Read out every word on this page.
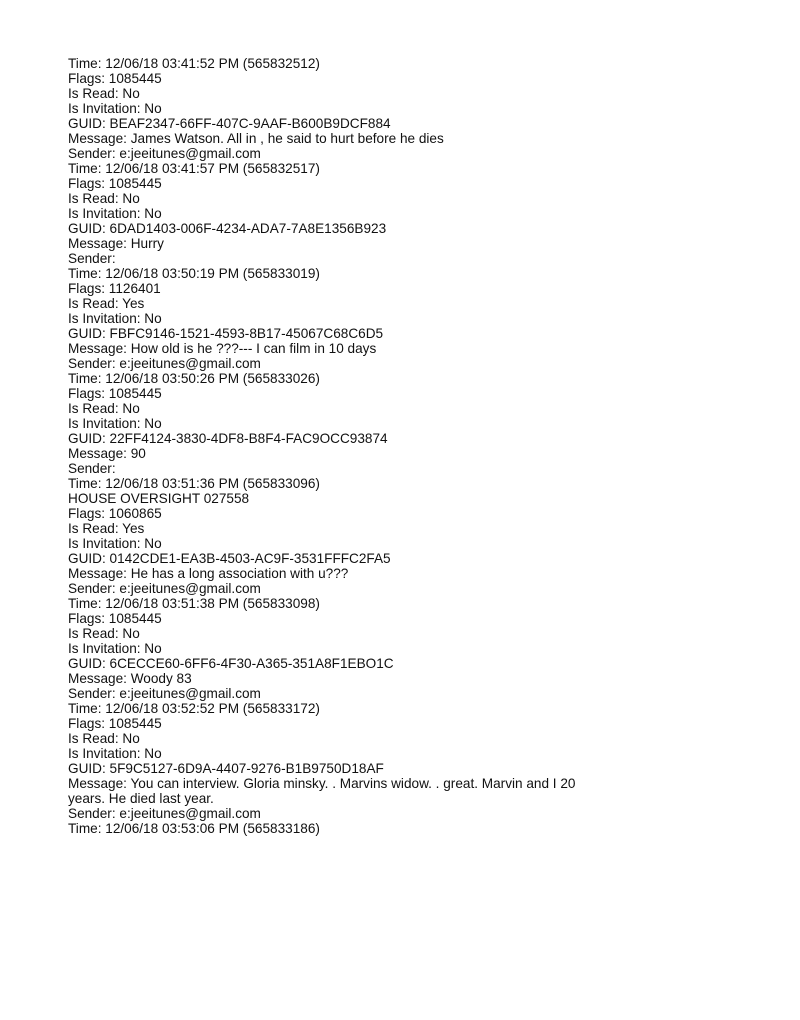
Time: 12/06/18 03:41:52 PM (565832512)
Flags: 1085445
Is Read: No
Is Invitation: No
GUID: BEAF2347-66FF-407C-9AAF-B600B9DCF884
Message: James Watson. All in , he said to hurt before he dies
Sender: e:jeeitunes@gmail.com
Time: 12/06/18 03:41:57 PM (565832517)
Flags: 1085445
Is Read: No
Is Invitation: No
GUID: 6DAD1403-006F-4234-ADA7-7A8E1356B923
Message: Hurry
Sender:
Time: 12/06/18 03:50:19 PM (565833019)
Flags: 1126401
Is Read: Yes
Is Invitation: No
GUID: FBFC9146-1521-4593-8B17-45067C68C6D5
Message: How old is he ???--- I can film in 10 days
Sender: e:jeeitunes@gmail.com
Time: 12/06/18 03:50:26 PM (565833026)
Flags: 1085445
Is Read: No
Is Invitation: No
GUID: 22FF4124-3830-4DF8-B8F4-FAC9OCC93874
Message: 90
Sender:
Time: 12/06/18 03:51:36 PM (565833096)
HOUSE OVERSIGHT 027558
Flags: 1060865
Is Read: Yes
Is Invitation: No
GUID: 0142CDE1-EA3B-4503-AC9F-3531FFFC2FA5
Message: He has a long association with u???
Sender: e:jeeitunes@gmail.com
Time: 12/06/18 03:51:38 PM (565833098)
Flags: 1085445
Is Read: No
Is Invitation: No
GUID: 6CECCE60-6FF6-4F30-A365-351A8F1EBO1C
Message: Woody 83
Sender: e:jeeitunes@gmail.com
Time: 12/06/18 03:52:52 PM (565833172)
Flags: 1085445
Is Read: No
Is Invitation: No
GUID: 5F9C5127-6D9A-4407-9276-B1B9750D18AF
Message: You can interview. Gloria minsky. . Marvins widow. . great. Marvin and I 20
years. He died last year.
Sender: e:jeeitunes@gmail.com
Time: 12/06/18 03:53:06 PM (565833186)
